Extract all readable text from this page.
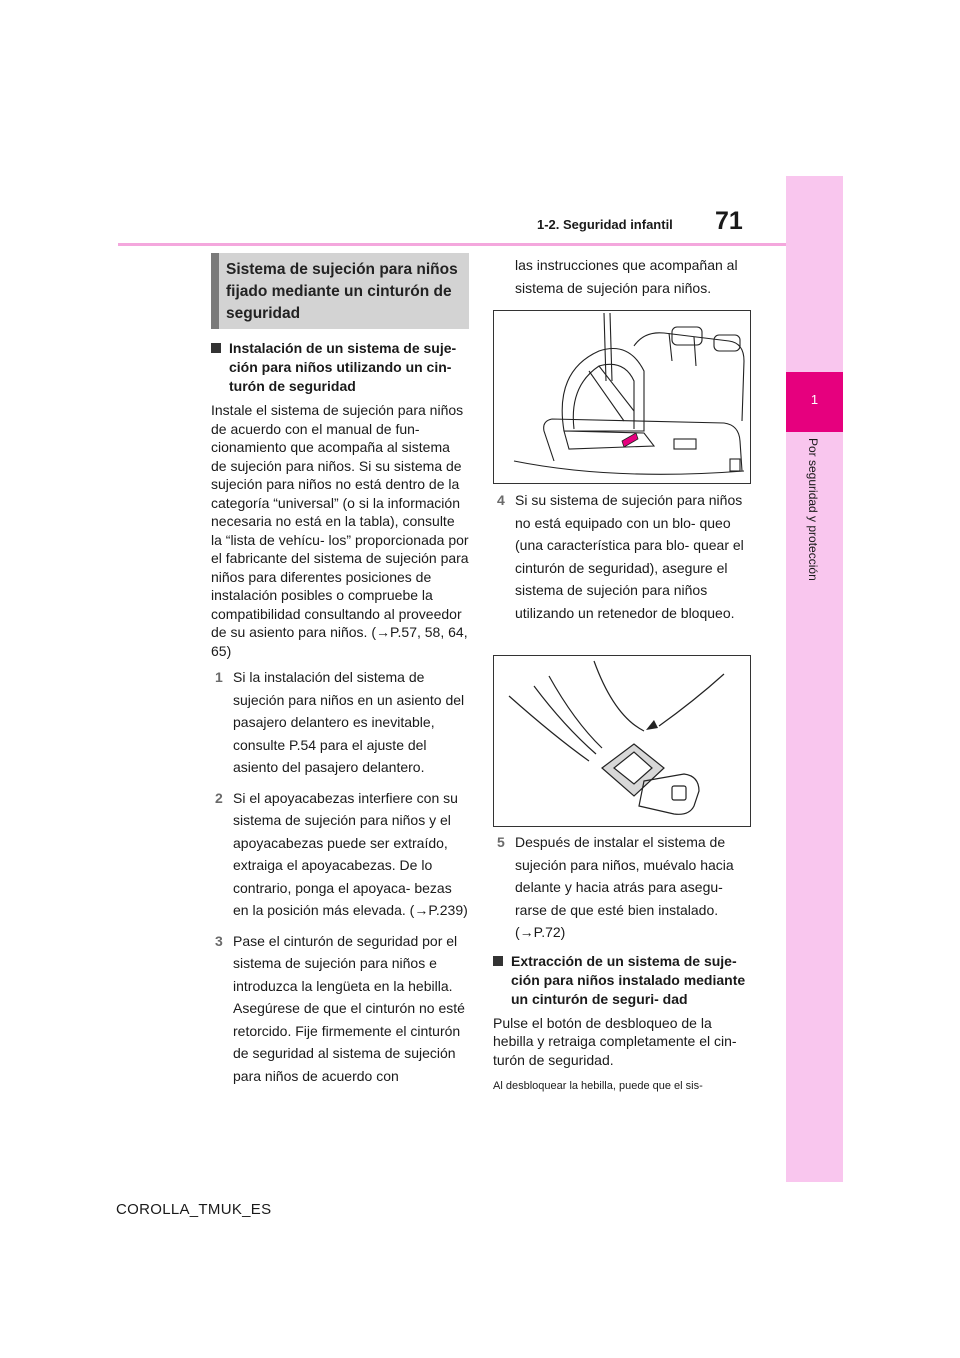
1
Por seguridad y protección
71
1-2. Seguridad infantil
Sistema de sujeción para niños fijado mediante un cinturón de seguridad
Instalación de un sistema de suje- ción para niños utilizando un cin- turón de seguridad

Instale el sistema de sujeción para niños de acuerdo con el manual de fun- cionamiento que acompaña al sistema de sujeción para niños. Si su sistema de sujeción para niños no está dentro de la categoría “universal” (o si la información necesaria no está en la tabla), consulte la “lista de vehícu- los” proporcionada por el fabricante del sistema de sujeción para niños para diferentes posiciones de instalación posibles o compruebe la compatibilidad consultando al proveedor de su asiento para niños. (→P.57, 58, 64, 65)

1 Si la instalación del sistema de sujeción para niños en un asiento del pasajero delantero es inevitable, consulte P.54 para el ajuste del asiento del pasajero delantero.
2 Si el apoyacabezas interfiere con su sistema de sujeción para niños y el apoyacabezas puede ser extraído, extraiga el apoyacabezas. De lo contrario, ponga el apoyaca- bezas en la posición más elevada. (→P.239)
3 Pase el cinturón de seguridad por el sistema de sujeción para niños e introduzca la lengüeta en la hebilla. Asegúrese de que el cinturón no esté retorcido. Fije firmemente el cinturón de seguridad al sistema de sujeción para niños de acuerdo con
las instrucciones que acompañan al sistema de sujeción para niños.
4 Si su sistema de sujeción para niños no está equipado con un blo- queo (una característica para blo- quear el cinturón de seguridad), asegure el sistema de sujeción para niños utilizando un retenedor de bloqueo.
5 Después de instalar el sistema de sujeción para niños, muévalo hacia delante y hacia atrás para asegu- rarse de que esté bien instalado. (→P.72)
Extracción de un sistema de suje- ción para niños instalado mediante un cinturón de seguri- dad

Pulse el botón de desbloqueo de la hebilla y retraiga completamente el cin- turón de seguridad.

Al desbloquear la hebilla, puede que el sis-

COROLLA_TMUK_ES
